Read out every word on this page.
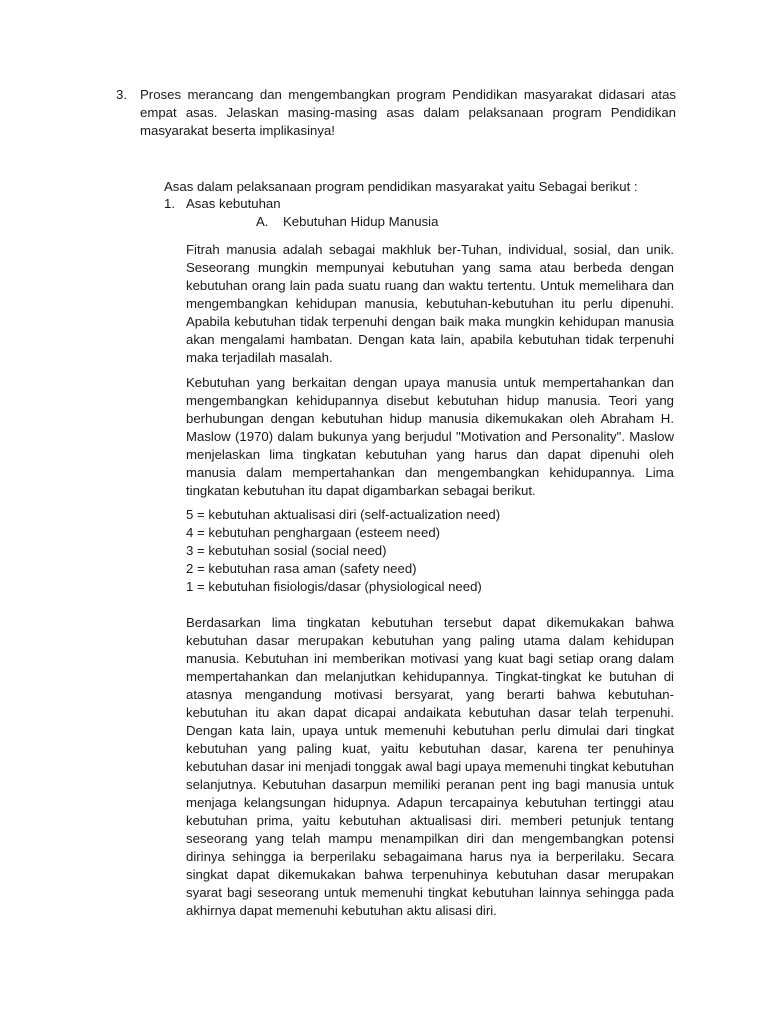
3. Proses merancang dan mengembangkan program Pendidikan masyarakat didasari atas empat asas. Jelaskan masing-masing asas dalam pelaksanaan program Pendidikan masyarakat beserta implikasinya!
Asas dalam pelaksanaan program pendidikan masyarakat yaitu Sebagai berikut :
1. Asas kebutuhan
A. Kebutuhan Hidup Manusia

Fitrah manusia adalah sebagai makhluk ber-Tuhan, individual, sosial, dan unik. Seseorang mungkin mempunyai kebutuhan yang sama atau berbeda dengan kebutuhan orang lain pada suatu ruang dan waktu tertentu. Untuk memelihara dan mengembangkan kehidupan manusia, kebutuhan-kebutuhan itu perlu dipenuhi. Apabila kebutuhan tidak terpenuhi dengan baik maka mungkin kehidupan manusia akan mengalami hambatan. Dengan kata lain, apabila kebutuhan tidak terpenuhi maka terjadilah masalah.

Kebutuhan yang berkaitan dengan upaya manusia untuk mempertahankan dan mengembangkan kehidupannya disebut kebutuhan hidup manusia. Teori yang berhubungan dengan kebutuhan hidup manusia dikemukakan oleh Abraham H. Maslow (1970) dalam bukunya yang berjudul "Motivation and Personality". Maslow menjelaskan lima tingkatan kebutuhan yang harus dan dapat dipenuhi oleh manusia dalam mempertahankan dan mengembangkan kehidupannya. Lima tingkatan kebutuhan itu dapat digambarkan sebagai berikut.

5 = kebutuhan aktualisasi diri (self-actualization need)
4 = kebutuhan penghargaan (esteem need)
3 = kebutuhan sosial (social need)
2 = kebutuhan rasa aman (safety need)
1 = kebutuhan fisiologis/dasar (physiological need)

Berdasarkan lima tingkatan kebutuhan tersebut dapat dikemukakan bahwa kebutuhan dasar merupakan kebutuhan yang paling utama dalam kehidupan manusia. Kebutuhan ini memberikan motivasi yang kuat bagi setiap orang dalam mempertahankan dan melanjutkan kehidupannya. Tingkat-tingkat ke butuhan di atasnya mengandung motivasi bersyarat, yang berarti bahwa kebutuhan-kebutuhan itu akan dapat dicapai andaikata kebutuhan dasar telah terpenuhi. Dengan kata lain, upaya untuk memenuhi kebutuhan perlu dimulai dari tingkat kebutuhan yang paling kuat, yaitu kebutuhan dasar, karena ter penuhinya kebutuhan dasar ini menjadi tonggak awal bagi upaya memenuhi tingkat kebutuhan selanjutnya. Kebutuhan dasarpun memiliki peranan pent ing bagi manusia untuk menjaga kelangsungan hidupnya. Adapun tercapainya kebutuhan tertinggi atau kebutuhan prima, yaitu kebutuhan aktualisasi diri. memberi petunjuk tentang seseorang yang telah mampu menampilkan diri dan mengembangkan potensi dirinya sehingga ia berperilaku sebagaimana harus nya ia berperilaku. Secara singkat dapat dikemukakan bahwa terpenuhinya kebutuhan dasar merupakan syarat bagi seseorang untuk memenuhi tingkat kebutuhan lainnya sehingga pada akhirnya dapat memenuhi kebutuhan aktu alisasi diri.
